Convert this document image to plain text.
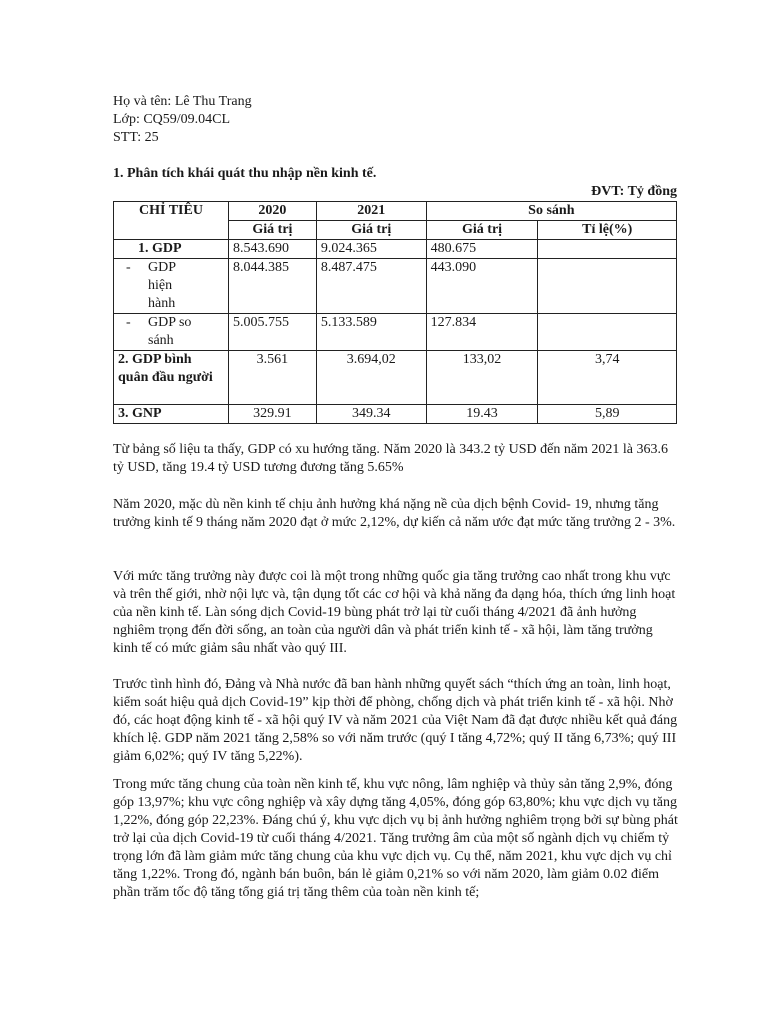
Họ và tên: Lê Thu Trang
Lớp: CQ59/09.04CL
STT: 25
1. Phân tích khái quát thu nhập nền kinh tế.
ĐVT: Tỷ đồng
CHỈ TIÊU	2020	2021	So sánh	
	Giá trị	Giá trị	Giá trị	Tỉ lệ(%)
1. GDP	8.543.690	9.024.365	480.675	

- GDP hiện hành	8.044.385	8.487.475	443.090	

- GDP so sánh	5.005.755	5.133.589	127.834	
2. GDP bình quân đầu người	3.561	3.694,02	133,02	3,74
3. GNP	329.91	349.34	19.43	5,89

Từ bảng số liệu ta thấy, GDP có xu hướng tăng. Năm 2020 là 343.2 tỷ USD đến năm 2021 là 363.6 tỷ USD, tăng 19.4 tỷ USD tương đương tăng 5.65%

Năm 2020, mặc dù nền kinh tế chịu ảnh hưởng khá nặng nề của dịch bệnh Covid- 19, nhưng tăng trưởng kinh tế 9 tháng năm 2020 đạt ở mức 2,12%, dự kiến cả năm ước đạt mức tăng trưởng 2 - 3%.

Với mức tăng trưởng này được coi là một trong những quốc gia tăng trưởng cao nhất trong khu vực và trên thế giới, nhờ nội lực và, tận dụng tốt các cơ hội và khả năng đa dạng hóa, thích ứng linh hoạt của nền kinh tế. Làn sóng dịch Covid-19 bùng phát trở lại từ cuối tháng 4/2021 đã ảnh hưởng nghiêm trọng đến đời sống, an toàn của người dân và phát triển kinh tế - xã hội, làm tăng trưởng kinh tế có mức giảm sâu nhất vào quý III.

Trước tình hình đó, Đảng và Nhà nước đã ban hành những quyết sách “thích ứng an toàn, linh hoạt, kiểm soát hiệu quả dịch Covid-19” kịp thời để phòng, chống dịch và phát triển kinh tế - xã hội. Nhờ đó, các hoạt động kinh tế - xã hội quý IV và năm 2021 của Việt Nam đã đạt được nhiều kết quả đáng khích lệ. GDP năm 2021 tăng 2,58% so với năm trước (quý I tăng 4,72%; quý II tăng 6,73%; quý III giảm 6,02%; quý IV tăng 5,22%).

Trong mức tăng chung của toàn nền kinh tế, khu vực nông, lâm nghiệp và thủy sản tăng 2,9%, đóng góp 13,97%; khu vực công nghiệp và xây dựng tăng 4,05%, đóng góp 63,80%; khu vực dịch vụ tăng 1,22%, đóng góp 22,23%. Đáng chú ý, khu vực dịch vụ bị ảnh hưởng nghiêm trọng bởi sự bùng phát trở lại của dịch Covid-19 từ cuối tháng 4/2021. Tăng trưởng âm của một số ngành dịch vụ chiếm tỷ trọng lớn đã làm giảm mức tăng chung của khu vực dịch vụ. Cụ thể, năm 2021, khu vực dịch vụ chỉ tăng 1,22%. Trong đó, ngành bán buôn, bán lẻ giảm 0,21% so với năm 2020, làm giảm 0.02 điểm phần trăm tốc độ tăng tổng giá trị tăng thêm của toàn nền kinh tế;
